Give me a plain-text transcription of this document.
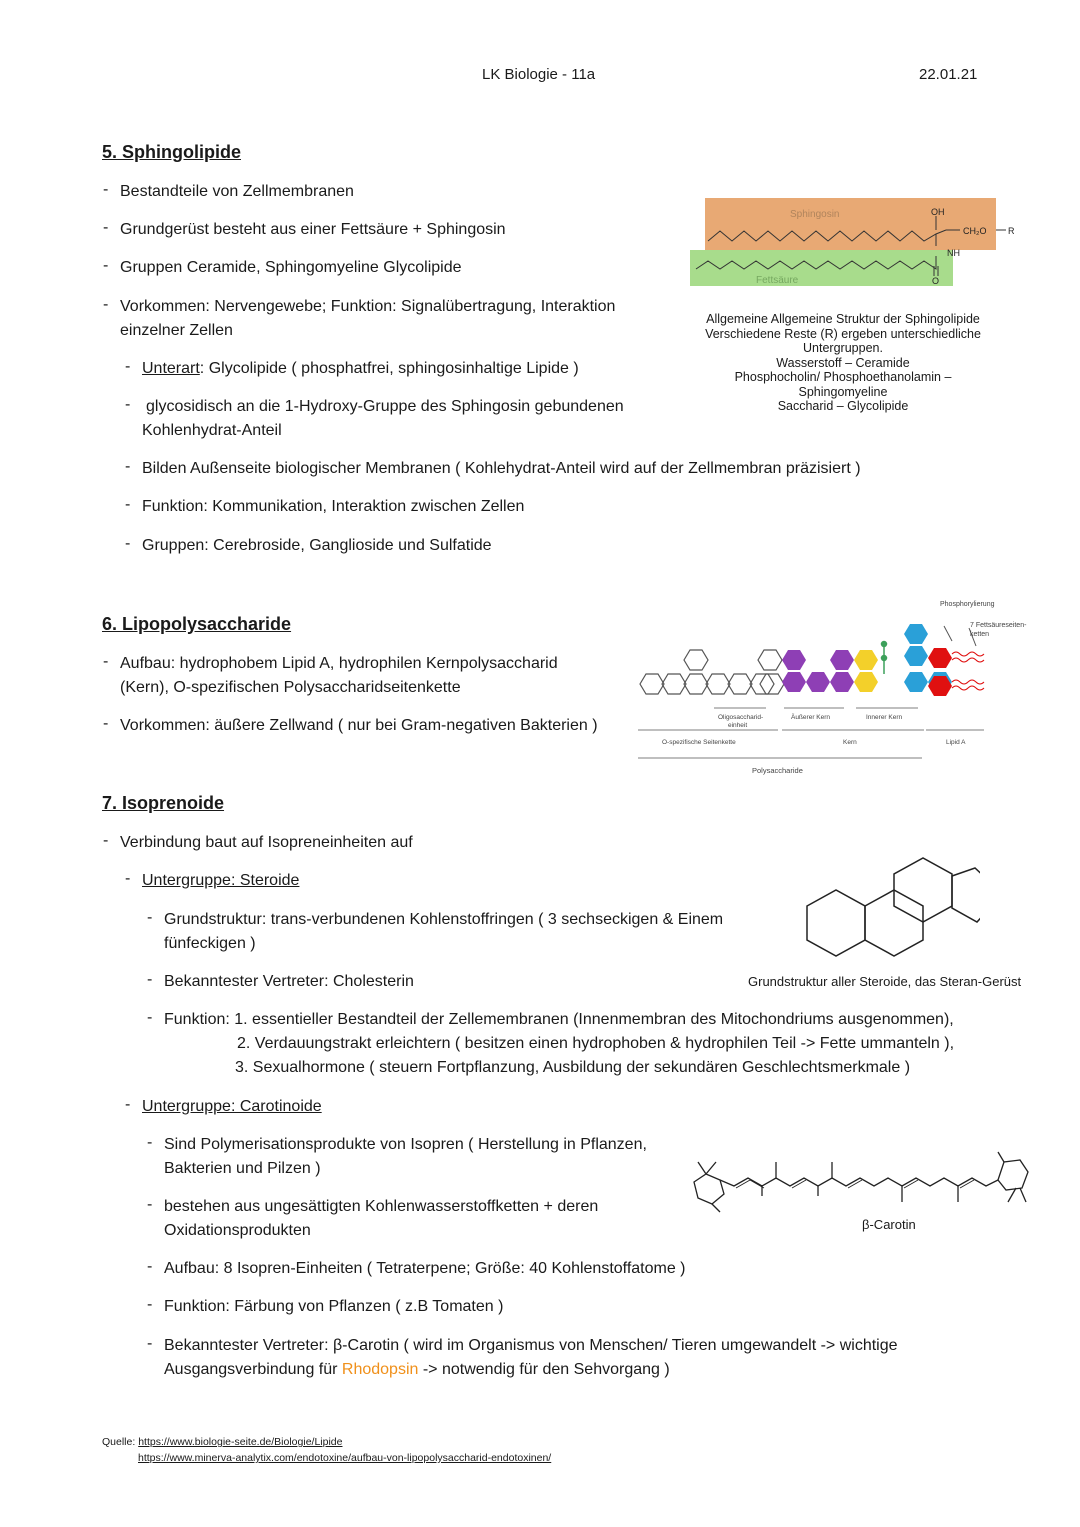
LK Biologie - 11a	22.01.21
5. Sphingolipide
- Bestandteile von Zellmembranen
- Grundgerüst besteht aus einer Fettsäure + Sphingosin
- Gruppen Ceramide, Sphingomyeline Glycolipide
- Vorkommen: Nervengewebe; Funktion: Signalübertragung, Interaktion
einzelner Zellen
- Unterart: Glycolipide ( phosphatfrei, sphingosinhaltige Lipide )
- glycosidisch an die 1-Hydroxy-Gruppe des Sphingosin gebundenen
Kohlenhydrat-Anteil
- Bilden Außenseite biologischer Membranen ( Kohlehydrat-Anteil wird auf der Zellmembran präzisiert )
- Funktion: Kommunikation, Interaktion zwischen Zellen
- Gruppen: Cerebroside, Ganglioside und Sulfatide
Sphingosin
Fettsäure
OH
CH₂O R
NH
O
Allgemeine Allgemeine Struktur der Sphingolipide
Verschiedene Reste (R) ergeben unterschiedliche
Untergruppen.
Wasserstoff – Ceramide
Phosphocholin/ Phosphoethanolamin –
Sphingomyeline
Saccharid – Glycolipide
6. Lipopolysaccharide
- Aufbau: hydrophobem Lipid A, hydrophilen Kernpolysaccharid
(Kern), O-spezifischen Polysaccharidseitenkette
- Vorkommen: äußere Zellwand ( nur bei Gram-negativen Bakterien )
Phosphorylierung
7 Fettsäureseiten-
ketten
Oligosaccharid-
einheit
Äußerer Kern	Innerer Kern
O-spezifische Seitenkette	Kern	Lipid A
Polysaccharide
7. Isoprenoide
- Verbindung baut auf Isopreneinheiten auf
- Untergruppe: Steroide
- Grundstruktur: trans-verbundenen Kohlenstoffringen ( 3 sechseckigen & Einem
fünfeckigen )
- Bekanntester Vertreter: Cholesterin
- Funktion: 1. essentieller Bestandteil der Zellemembranen (Innenmembran des Mitochondriums ausgenommen),
2. Verdauungstrakt erleichtern ( besitzen einen hydrophoben & hydrophilen Teil -> Fette ummanteln ),
3. Sexualhormone ( steuern Fortpflanzung, Ausbildung der sekundären Geschlechtsmerkmale )
Grundstruktur aller Steroide, das Steran-Gerüst
- Untergruppe: Carotinoide
- Sind Polymerisationsprodukte von Isopren ( Herstellung in Pflanzen,
Bakterien und Pilzen )
- bestehen aus ungesättigten Kohlenwasserstoffketten + deren
Oxidationsprodukten
- Aufbau: 8 Isopren-Einheiten ( Tetraterpene; Größe: 40 Kohlenstoffatome )
- Funktion: Färbung von Pflanzen ( z.B Tomaten )
- Bekanntester Vertreter: β-Carotin ( wird im Organismus von Menschen/ Tieren umgewandelt -> wichtige
Ausgangsverbindung für Rhodopsin -> notwendig für den Sehvorgang )
β-Carotin
Quelle: https://www.biologie-seite.de/Biologie/Lipide
https://www.minerva-analytix.com/endotoxine/aufbau-von-lipopolysaccharid-endotoxinen/
